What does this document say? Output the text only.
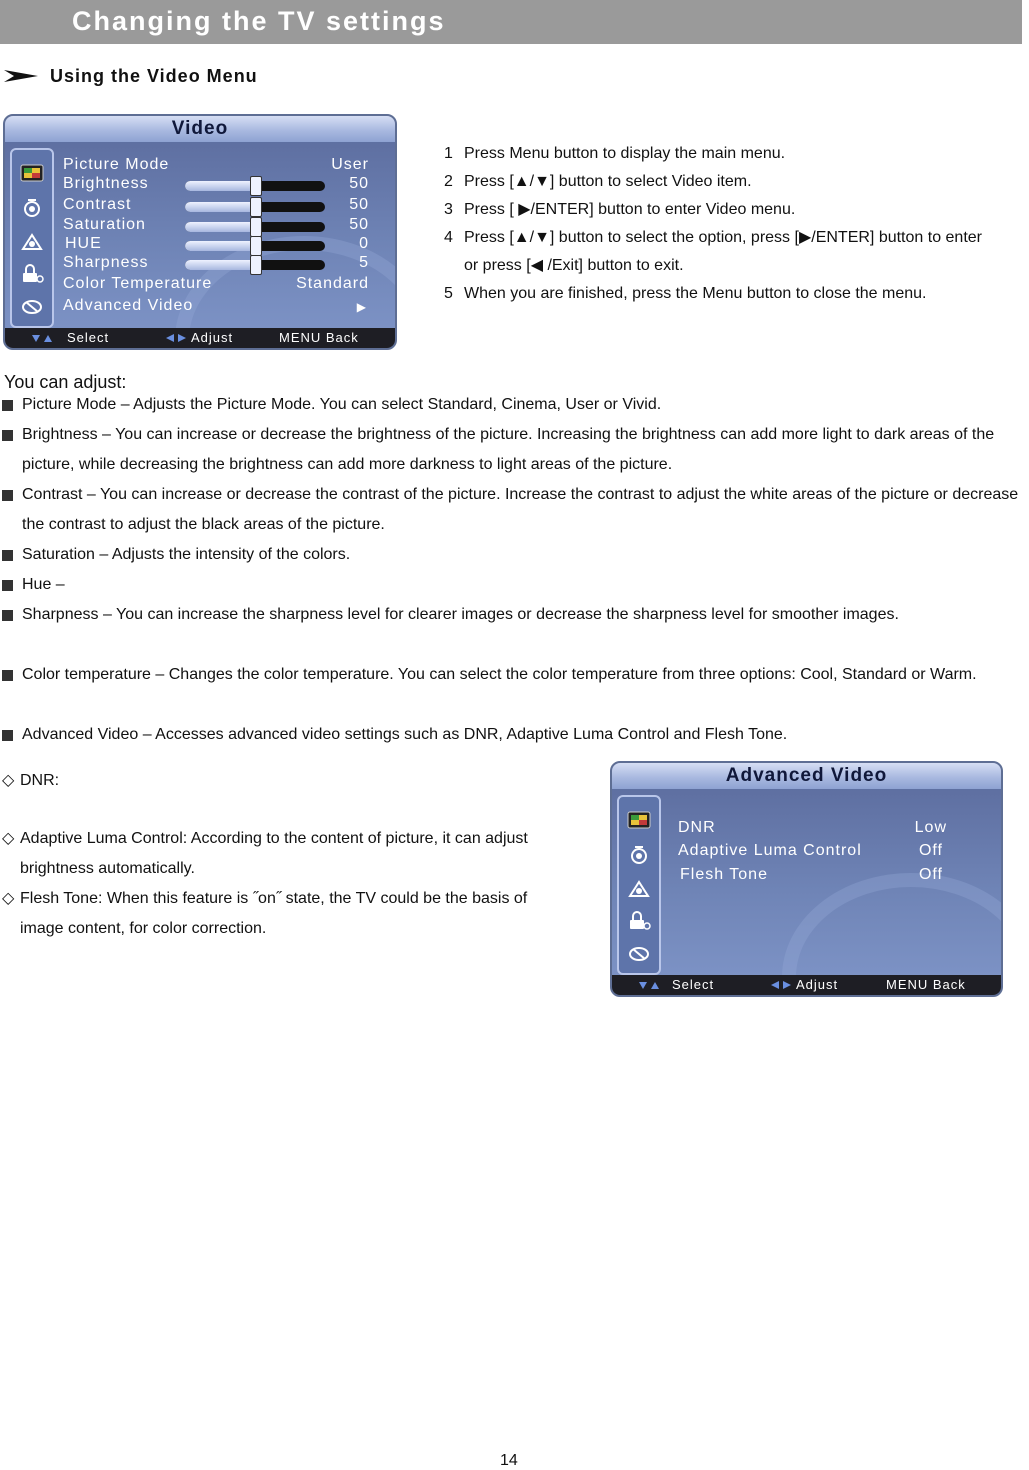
Changing the TV settings
Using the Video Menu
Video
Picture Mode	User
Brightness	50
Contrast	50
Saturation	50
HUE	0
Sharpness	5
Color Temperature	Standard
Advanced Video	▶
Select	Adjust	MENU Back
1 Press Menu button to display the main menu.
2 Press [▲/▼] button to select Video item.
3 Press [ ▶/ENTER] button to enter Video menu.
4 Press [▲/▼] button to select the option, press [▶/ENTER] button to enter
or press [◀ /Exit] button to exit.
5 When you are finished, press the Menu button to close the menu.
You can adjust:
Picture Mode – Adjusts the Picture Mode. You can select Standard, Cinema, User or Vivid.
Brightness – You can increase or decrease the brightness of the picture. Increasing the brightness can add more light to dark areas of the picture, while decreasing the brightness can add more darkness to light areas of the picture.
Contrast – You can increase or decrease the contrast of the picture. Increase the contrast to adjust the white areas of the picture or decrease the contrast to adjust the black areas of the picture.
Saturation – Adjusts the intensity of the colors.
Hue –
Sharpness – You can increase the sharpness level for clearer images or decrease the sharpness level for smoother images.
Color temperature – Changes the color temperature. You can select the color temperature from three options: Cool, Standard or Warm.
Advanced Video – Accesses advanced video settings such as DNR, Adaptive Luma Control and Flesh Tone.
◇ DNR:
◇ Adaptive Luma Control: According to the content of picture, it can adjust brightness automatically.
◇ Flesh Tone: When this feature is ˝on˝ state, the TV could be the basis of image content, for color correction.
Advanced Video
DNR	Low
Adaptive Luma Control	Off
Flesh Tone	Off
Select	Adjust	MENU Back
14
